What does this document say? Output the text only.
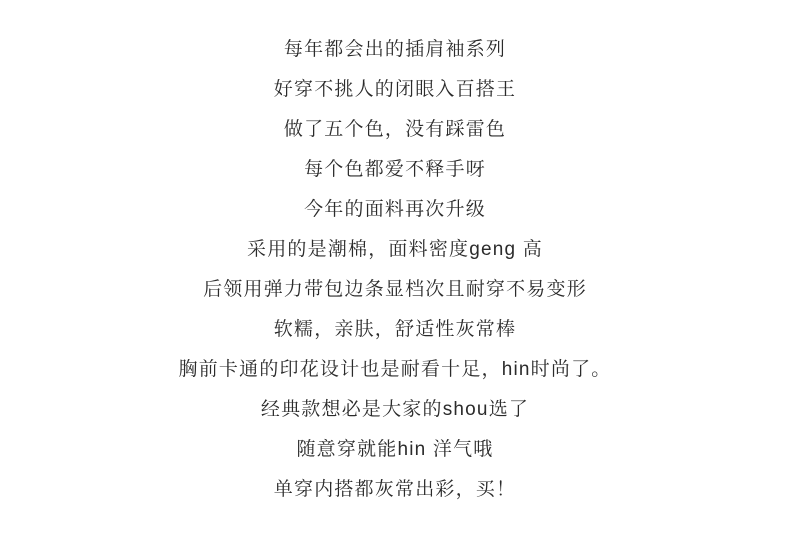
每年都会出的插肩袖系列
好穿不挑人的闭眼入百搭王
做了五个色，没有踩雷色
每个色都爱不释手呀
今年的面料再次升级
采用的是潮棉，面料密度geng 高
后领用弹力带包边条显档次且耐穿不易变形
软糯，亲肤，舒适性灰常棒
胸前卡通的印花设计也是耐看十足，hin时尚了。
经典款想必是大家的shou选了
随意穿就能hin 洋气哦
单穿内搭都灰常出彩，买！
